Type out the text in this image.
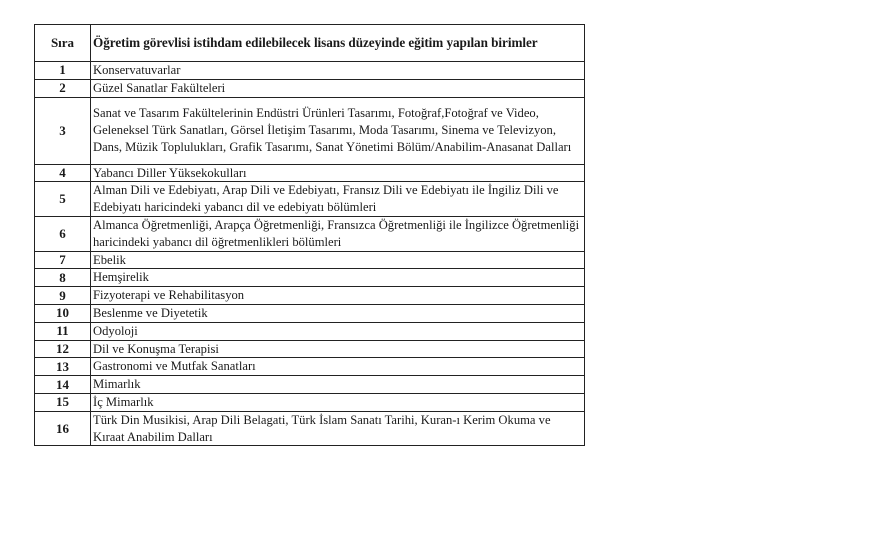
Sıra	Öğretim görevlisi istihdam edilebilecek lisans düzeyinde eğitim yapılan birimler
1	Konservatuvarlar
2	Güzel Sanatlar Fakülteleri
3	Sanat ve Tasarım Fakültelerinin Endüstri Ürünleri Tasarımı, Fotoğraf,Fotoğraf ve Video, Geleneksel Türk Sanatları, Görsel İletişim Tasarımı, Moda Tasarımı, Sinema ve Televizyon, Dans, Müzik Toplulukları, Grafik Tasarımı, Sanat Yönetimi Bölüm/Anabilim-Anasanat Dalları
4	Yabancı Diller Yüksekokulları
5	Alman Dili ve Edebiyatı, Arap Dili ve Edebiyatı, Fransız Dili ve Edebiyatı ile İngiliz Dili ve Edebiyatı haricindeki yabancı dil ve edebiyatı bölümleri
6	Almanca Öğretmenliği, Arapça Öğretmenliği, Fransızca Öğretmenliği ile İngilizce Öğretmenliği haricindeki yabancı dil öğretmenlikleri bölümleri
7	Ebelik
8	Hemşirelik
9	Fizyoterapi ve Rehabilitasyon
10	Beslenme ve Diyetetik
11	Odyoloji
12	Dil ve Konuşma Terapisi
13	Gastronomi ve Mutfak Sanatları
14	Mimarlık
15	İç Mimarlık
16	Türk Din Musikisi, Arap Dili Belagati, Türk İslam Sanatı Tarihi, Kuran-ı Kerim Okuma ve Kıraat Anabilim Dalları
